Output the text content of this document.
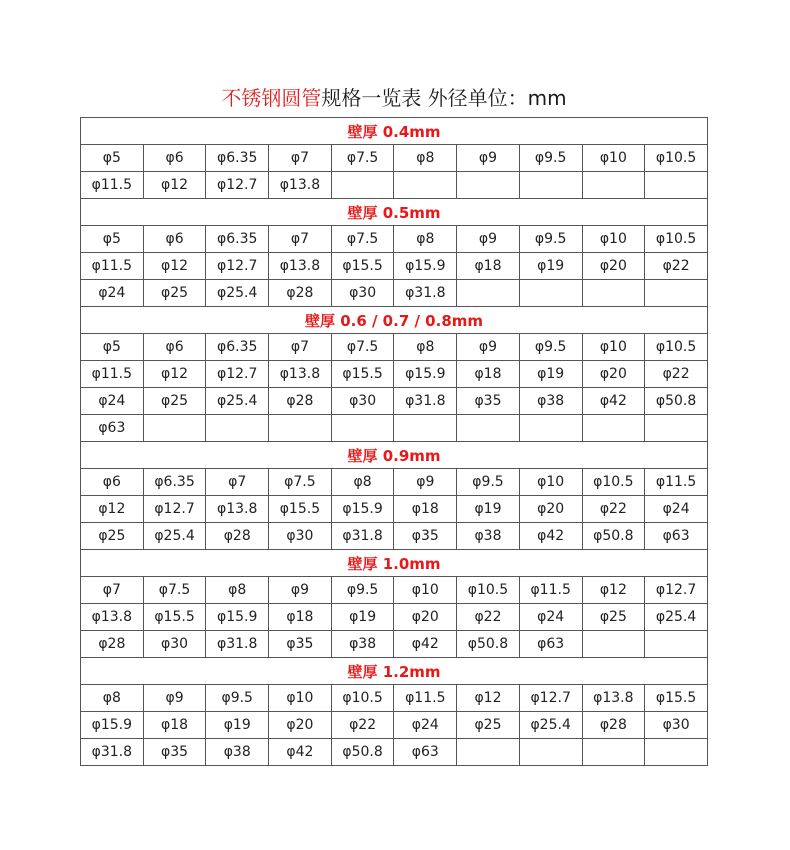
不锈钢圆管规格一览表 外径单位：mm
壁厚 0.4mm									
φ5	φ6	φ6.35	φ7	φ7.5	φ8	φ9	φ9.5	φ10	φ10.5
φ11.5	φ12	φ12.7	φ13.8						
壁厚 0.5mm									
φ5	φ6	φ6.35	φ7	φ7.5	φ8	φ9	φ9.5	φ10	φ10.5
φ11.5	φ12	φ12.7	φ13.8	φ15.5	φ15.9	φ18	φ19	φ20	φ22
φ24	φ25	φ25.4	φ28	φ30	φ31.8				
壁厚 0.6 / 0.7 / 0.8mm									
φ5	φ6	φ6.35	φ7	φ7.5	φ8	φ9	φ9.5	φ10	φ10.5
φ11.5	φ12	φ12.7	φ13.8	φ15.5	φ15.9	φ18	φ19	φ20	φ22
φ24	φ25	φ25.4	φ28	φ30	φ31.8	φ35	φ38	φ42	φ50.8
φ63									
壁厚 0.9mm									
φ6	φ6.35	φ7	φ7.5	φ8	φ9	φ9.5	φ10	φ10.5	φ11.5
φ12	φ12.7	φ13.8	φ15.5	φ15.9	φ18	φ19	φ20	φ22	φ24
φ25	φ25.4	φ28	φ30	φ31.8	φ35	φ38	φ42	φ50.8	φ63
壁厚 1.0mm									
φ7	φ7.5	φ8	φ9	φ9.5	φ10	φ10.5	φ11.5	φ12	φ12.7
φ13.8	φ15.5	φ15.9	φ18	φ19	φ20	φ22	φ24	φ25	φ25.4
φ28	φ30	φ31.8	φ35	φ38	φ42	φ50.8	φ63		
壁厚 1.2mm									
φ8	φ9	φ9.5	φ10	φ10.5	φ11.5	φ12	φ12.7	φ13.8	φ15.5
φ15.9	φ18	φ19	φ20	φ22	φ24	φ25	φ25.4	φ28	φ30
φ31.8	φ35	φ38	φ42	φ50.8	φ63				
